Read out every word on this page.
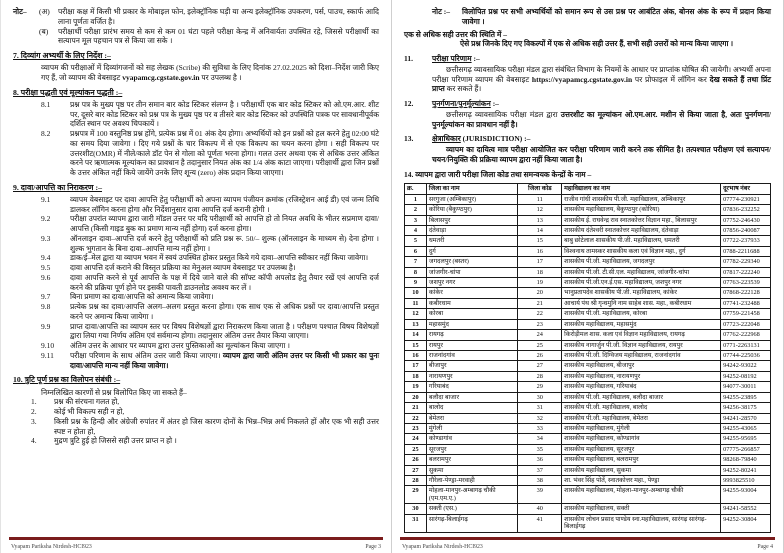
नोट– (अ)	परीक्षा कक्ष में किसी भी प्रकार के मोबाइल फोन, इलेक्ट्रॉनिक घड़ी या अन्य इलेक्ट्रॉनिक उपकरण, पर्स, पाउच, स्कार्फ आदि लाना पूर्णतः वर्जित है।
(ब)	परीक्षार्थी परीक्षा प्रारंभ समय से कम से कम 01 घंटा पहले परीक्षा केन्द्र में अनिवार्यतः उपस्थित रहे, जिससे परीक्षार्थी का सत्यापन मूल पहचान पत्र से किया जा सके ।
7. दिव्यांग अभ्यर्थी के लिए निर्देश :–

व्यापम की परीक्षाओं में दिव्यांगजनों को सह लेखक (Scribe) की सुविधा के लिए दिनांक 27.02.2025 को दिशा–निर्देश जारी किए गए हैं, जो व्यापम की वेबसाइट vyapamcg.cgstate.gov.in पर उपलब्ध है ।

8. परीक्षा पद्धती एवं मूल्यांकन पद्धती :–
8.1	प्रश्न पत्र के मुख्य पृष्ठ पर तीन समान बार कोड स्टिकर संलग्न है । परीक्षार्थी एक बार कोड स्टिकर को ओ.एम.आर. शीट पर, दूसरे बार कोड स्टिकर को प्रश्न पत्र के मुख्य पृष्ठ पर व तीसरे बार कोड स्टिकर को उपस्थिति पत्रक पर सावधानीपूर्वक दर्शित स्थान पर अवश्य चिपकायें ।
8.2	प्रश्नपत्र में 100 वस्तुनिष्ठ प्रश्न होंगे, प्रत्येक प्रश्न में 01 अंक देय होगा। अभ्यर्थियों को इन प्रश्नों को हल करने हेतु 02:00 घंटे का समय दिया जावेगा । दिए गये प्रश्नों के चार विकल्प में से एक विकल्प का चयन करना होगा । सही विकल्प पर उत्तरशीट(OMR) में नीले/काले डॉट पेन से गोला को पूर्णतः भरना होगा। गलत उत्तर अथवा एक से अधिक उत्तर अंकित करने पर ऋणात्मक मूल्यांकन का प्रावधान है तदानुसार नियत अंक का 1/4 अंक काटा जाएगा। परीक्षार्थी द्वारा जिन प्रश्नों के उत्तर अंकित नहीं किये जायेंगे उनके लिए शून्य (zero) अंक प्रदान किया जाएगा।
9. दावा/आपत्ति का निराकरण :–
9.1	व्यापम वेबसाइट पर दावा आपत्ति हेतु परीक्षार्थी को अपना व्यापम पंजीयन क्रमांक (रजिस्ट्रेशन आई डी) एवं जन्म तिथि डालकर लॉगिन करना होगा और निर्देशानुसार दावा आपत्ति दर्ज करानी होगी ।
9.2	परीक्षा उपरांत व्यापम द्वारा जारी मॉडल उत्तर पर यदि परीक्षार्थी को आपत्ति हो तो नियत अवधि के भीतर सप्रमाण दावा/आपत्ति (किसी गाइड बुक का प्रमाण मान्य नहीं होगा) दर्ज करना होगा।
9.3	ऑनलाइन दावा–आपत्ति दर्ज करने हेतु परीक्षार्थी को प्रति प्रश्न रू. 50/– शुल्क (ऑनलाइन के माध्यम से) देना होगा । शुल्क भुगतान के बिना दावा–आपत्ति मान्य नहीं होगा ।
9.4	डाक/ई–मेल द्वारा या व्यापम भवन में स्वयं उपस्थित होकर प्रस्तुत किये गये दावा–आपत्ति स्वीकार नहीं किया जावेगा।
9.5	दावा आपत्ति दर्ज कराने की विस्तृत प्रक्रिया का मेनुअल व्यापम वेबसाइट पर उपलब्ध है।
9.6	दावा आपत्ति करने से पूर्व आपत्ति के पक्ष में दिये जाने वाले की सॉफ्ट कॉपी अपलोड हेतु तैयार रखें एवं आपत्ति दर्ज करने की प्रक्रिया पूर्ण होने पर इसकी पावती डाउनलोड अवश्य कर लें ।
9.7	बिना प्रमाण का दावा/आपत्ति को अमान्य किया जावेगा।
9.8	प्रत्येक प्रश्न का दावा/आपत्ति अलग–अलग प्रस्तुत करना होगा। एक साथ एक से अधिक प्रश्नों पर दावा/आपत्ति प्रस्तुत करने पर अमान्य किया जायेगा ।
9.9	प्राप्त दावा/आपत्ति का व्यापम स्तर पर विषय विशेषज्ञों द्वारा निराकरण किया जाता है । परीक्षण पश्चात विषय विशेषज्ञों द्वारा लिया गया निर्णय अंतिम एवं सर्वमान्य होगा। तदानुसार अंतिम उत्तर तैयार किया जाएगा।
9.10	अंतिम उत्तर के आधार पर व्यापम द्वारा उत्तर पुस्तिकाओं का मूल्यांकन किया जाएगा ।
9.11	परीक्षा परिणाम के साथ अंतिम उत्तर जारी किया जाएगा। व्यापम द्वारा जारी अंतिम उत्तर पर किसी भी प्रकार का पुनः दावा/आपत्ति मान्य नहीं किया जावेगा।
10. त्रुटि पूर्ण प्रश्न का विलोपन संबंधी :–

निम्नलिखित कारणों से प्रश्न विलोपित किए जा सकते हैं–

1.	प्रश्न की संरचना गलत हो,
2.	कोई भी विकल्प सही न हो,
3.	किसी प्रश्न के हिन्दी और अंग्रेजी रुपांतर में अंतर हो जिस कारण दोनों के भिन्न–भिन्न अर्थ निकलते हों और एक भी सही उत्तर स्पष्ट न होता हो,
4.	मुद्रण त्रुटि हुई हो जिससे सही उत्तर प्राप्त न हो ।
Vyapam Pariksha Nirdesh-HCI923	Page 3
नोट :– विलोपित प्रश्न पर सभी अभ्यर्थियों को समान रूप से उस प्रश्न पर आबंटित अंक, बोनस अंक के रूप में प्रदान किया जावेगा ।
एक से अधिक सही उत्तर की स्थिति में –

ऐसे प्रश्न जिनके दिए गए विकल्पों में एक से अधिक सही उत्तर हैं, सभी सही उत्तरों को मान्य किया जाएगा ।

11.	परीक्षा परिणाम :–

छत्तीसगढ़ व्यावसायिक परीक्षा मंडल द्वारा संबंधित विभाग के नियमों के आधार पर प्राप्तांक घोषित की जायेगी। अभ्यर्थी अपना परीक्षा परिणाम व्यापम की वेबसाइट https://vyapamcg.cgstate.gov.in पर प्रोफाइल में लॉगिन कर देख सकते हैं तथा प्रिंट प्राप्त कर सकते हैं।

12.	पुनर्गणना/पुनर्मूल्यांकन :–

छत्तीसगढ़ व्यावसायिक परीक्षा मंडल द्वारा उत्तरशीट का मूल्यांकन ओ.एम.आर. मशीन से किया जाता है, अतः पुनर्गणना/पुनर्मूल्यांकन का प्रावधान नहीं है।

13.	क्षेत्राधिकार (JURISDICTION) :–

व्यापम का दायित्व मात्र परीक्षा आयोजित कर परीक्षा परिणाम जारी करने तक सीमित है। तत्पश्चात परीक्षण एवं सत्यापन/चयन/नियुक्ति की प्रक्रिया व्यापम द्वारा नहीं किया जाता है।

14. व्यापम द्वारा जारी परीक्षा जिला कोड तथा समन्वयक केन्द्रों के नाम –
क्र.	जिला का नाम	जिला कोड	महाविद्यालय का नाम	दूरभाष नंबर
1	सरगुजा (अम्बिकापुर)	11	राजीव गांधी शासकीय पी.जी. महाविद्यालय, अम्बिकापुर	07774-230921
2	कोरिया (बैकुण्ठपुर)	12	शासकीय महाविद्यालय, बैकुण्ठपुर (कोरिया)	07836-232252
3	बिलासपुर	13	शासकीय ई. राघवेन्द्र राव स्नातकोत्तर विज्ञान महा., बिलासपुर	07752-246430
4	दंतेवाड़ा	14	शासकीय दंतेश्वरी स्नातकोत्तर महाविद्यालय, दंतेवाड़ा	07856-240087
5	धमतरी	15	बाबु छोटेलाल शासकीय पी.जी. महाविद्यालय, धमतरी	07722-237933
6	दुर्ग	16	विश्वनाथ तामस्कर शासकीय कला एवं विज्ञान महा., दुर्ग	0788-2211688
7	जगदलपुर (बस्तर)	17	शासकीय पी.जी. महाविद्यालय, जगदलपुर	07782-229340
8	जांजगीर-चांपा	18	शासकीय पी.जी. टी.सी.एल. महाविद्यालय, जांजगीर-चांपा	07817-222240
9	जशपुर नगर	19	शासकीय पी.जी.एन.ई.एस. महाविद्यालय, जशपुर नगर	07763-223539
10	कांकेर	20	भानुप्रतापदेव शासकीय पी.जी. महाविद्यालय, कांकेर	07868-222128
11	कबीरधाम	21	आचार्य पंथ श्री गृन्धमुनि नाम साहेब शास. महा., कबीरधाम	07741-232488
12	कोरबा	22	शासकीय पी.जी. महाविद्यालय, कोरबा	07759-221458
13	महासमुंद	23	शासकीय महाविद्यालय, महासमुंद	07723-222048
14	रायगढ़	24	किरोड़ीमल शास. कला एवं विज्ञान महाविद्यालय, रायगढ़	07762-222968
15	रायपुर	25	शासकीय नागार्जुन पी.जी. विज्ञान महाविद्यालय, रायपुर	0771-2263131
16	राजनांदगांव	26	शासकीय पी.जी. दिग्विजय महाविद्यालय, राजनांदगांव	07744-225036
17	बीजापुर	27	शासकीय महाविद्यालय, बीजापुर	94242-93022
18	नारायणपुर	28	शासकीय महाविद्यालय, नारायणपुर	94252-08192
19	गरियाबंद	29	शासकीय महाविद्यालय, गरियाबंद	94077-30011
20	बलौदा बाजार	30	शासकीय पी.जी. महाविद्यालय, बलौदा बाजार	94255-23895
21	बालोद	31	शासकीय पी.जी. महाविद्यालय, बालोद	94256-38175
22	बेमेतरा	32	शासकीय पी.जी. महाविद्यालय, बेमेतरा	94241-28570
23	मुंगेली	33	शासकीय महाविद्यालय, मुंगेली	94255-43065
24	कोण्डागांव	34	शासकीय महाविद्यालय, कोण्डागांव	94255-95695
25	सूरजपुर	35	शासकीय महाविद्यालय, सूरजपुर	07775-266857
26	बलरामपुर	36	शासकीय महाविद्यालय, बलरामपुर	98268-79840
27	सुकमा	37	शासकीय महाविद्यालय, सुकमा	94252-80241
28	गौरेला-पेण्ड्रा-मरवाही	38	शा. भंवर सिंह पोर्ते, स्नातकोत्तर महा., पेण्ड्रा	9993825510
29	मोहला-मानपुर-अम्बागढ़ चौकी (एम.एम.ए.)	39	शासकीय महाविद्यालय, मोहला-मानपुर-अम्बागढ़ चौकी	94255-93004
30	सक्ती (एस.)	40	शासकीय महाविद्यालय, सक्ती	94241-58552
31	सारंगढ़-बिलाईगढ़	41	शासकीय लोचन प्रसाद पाण्डेय स्ना.महाविद्यालय, सारंगढ़ सारंगढ़-बिलाईगढ़	94252-30804
Vyapam Pariksha Nirdesh-HCI923	Page 4
